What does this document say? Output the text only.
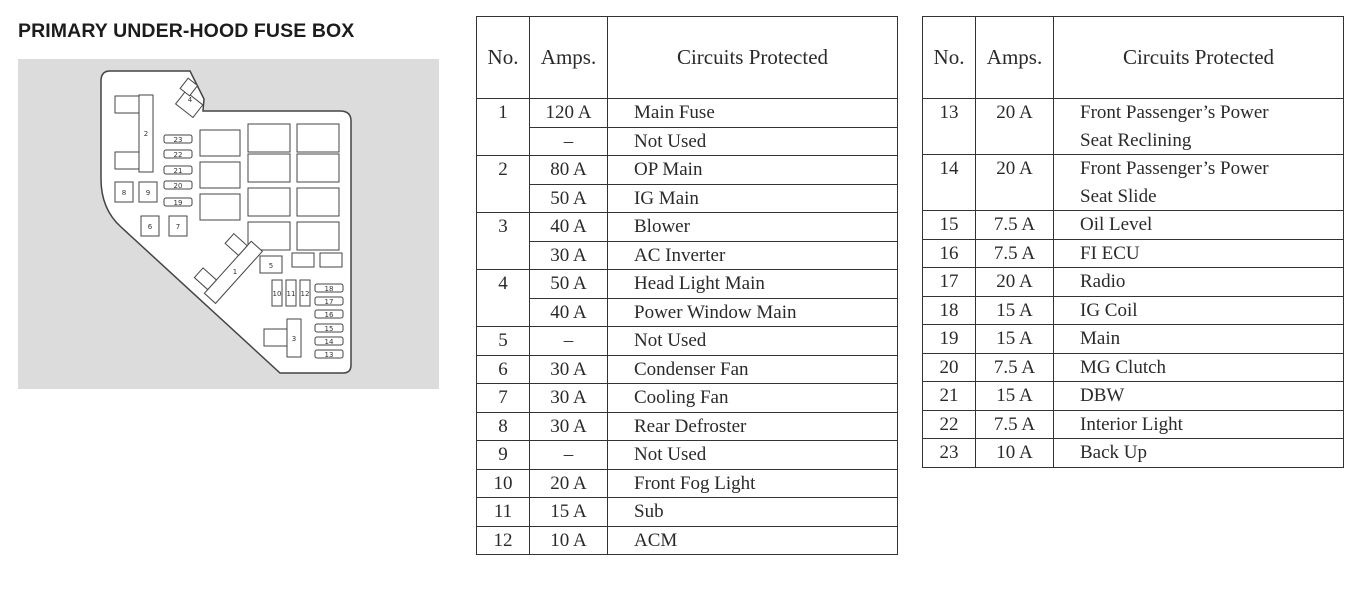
PRIMARY UNDER-HOOD FUSE BOX
2
4
23
22
21
20
19
8	9
6	7
1
5
10 11 12
18
17
16
15
14
13
3
No.	Amps.	Circuits Protected
1	120 A	Main Fuse
	–	Not Used
2	80 A	OP Main
	50 A	IG Main
3	40 A	Blower
	30 A	AC Inverter
4	50 A	Head Light Main
	40 A	Power Window Main
5	–	Not Used
6	30 A	Condenser Fan
7	30 A	Cooling Fan
8	30 A	Rear Defroster
9	–	Not Used
10	20 A	Front Fog Light
11	15 A	Sub
12	10 A	ACM
No.	Amps.	Circuits Protected
13	20 A	Front Passenger’s Power
Seat Reclining

14	20 A	Front Passenger’s Power
Seat Slide

15	7.5 A	Oil Level

16	7.5 A	FI ECU

17	20 A	Radio

18	15 A	IG Coil

19	15 A	Main

20	7.5 A	MG Clutch

21	15 A	DBW

22	7.5 A	Interior Light

23	10 A	Back Up
